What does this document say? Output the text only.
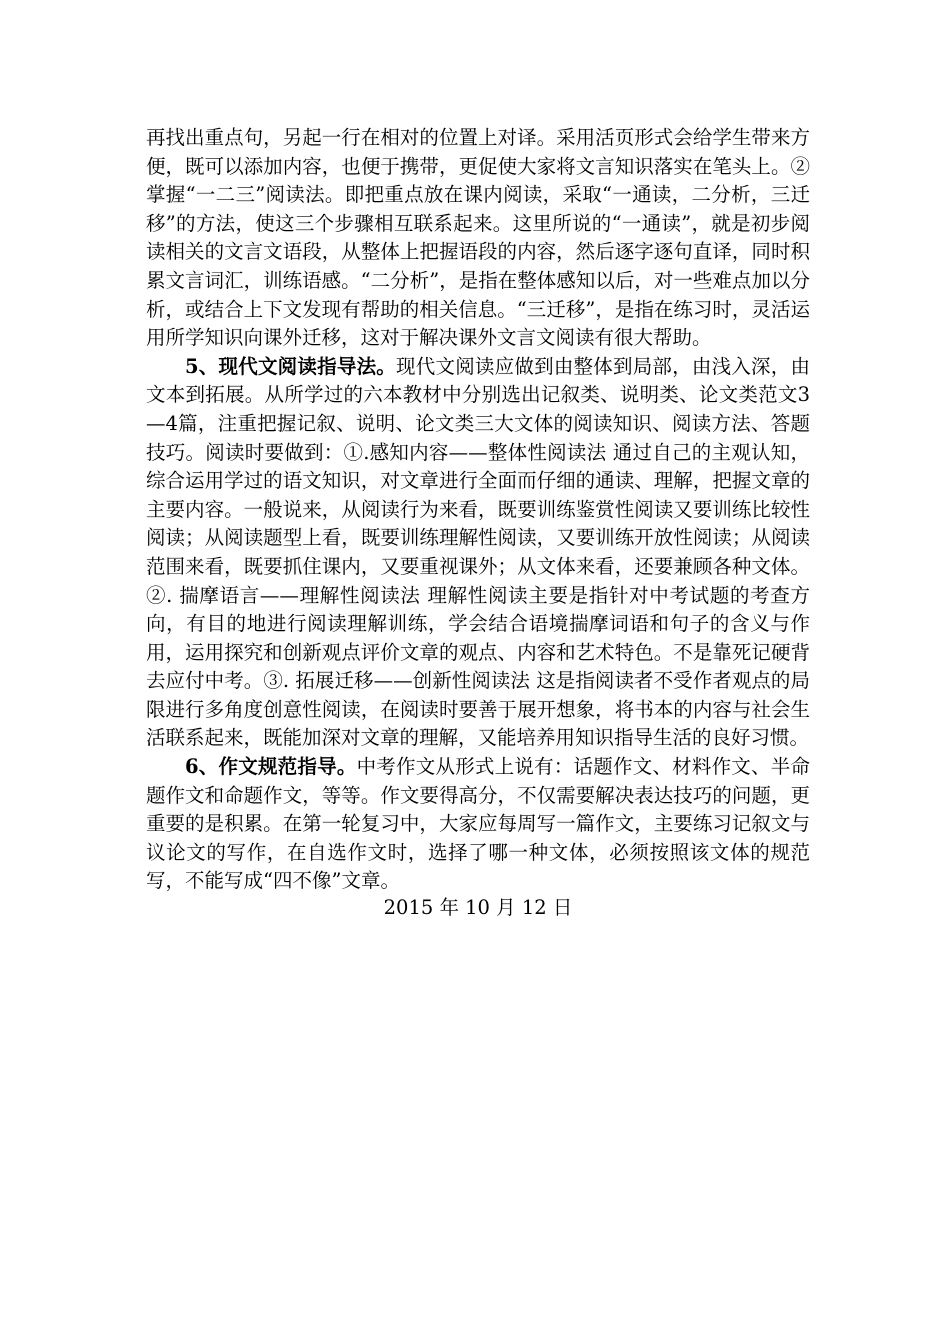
再找出重点句，另起一行在相对的位置上对译。采用活页形式会给学生带来方便，既可以添加内容，也便于携带，更促使大家将文言知识落实在笔头上。②掌握“一二三”阅读法。即把重点放在课内阅读，采取“一通读，二分析，三迁移”的方法，使这三个步骤相互联系起来。这里所说的“一通读”，就是初步阅读相关的文言文语段，从整体上把握语段的内容，然后逐字逐句直译，同时积累文言词汇，训练语感。“二分析”，是指在整体感知以后，对一些难点加以分析，或结合上下文发现有帮助的相关信息。“三迁移”，是指在练习时，灵活运用所学知识向课外迁移，这对于解决课外文言文阅读有很大帮助。

5、现代文阅读指导法。现代文阅读应做到由整体到局部，由浅入深，由文本到拓展。从所学过的六本教材中分别选出记叙类、说明类、论文类范文3—4篇，注重把握记叙、说明、论文类三大文体的阅读知识、阅读方法、答题技巧。阅读时要做到：①.感知内容——整体性阅读法 通过自己的主观认知，综合运用学过的语文知识，对文章进行全面而仔细的通读、理解，把握文章的主要内容。一般说来，从阅读行为来看，既要训练鉴赏性阅读又要训练比较性阅读；从阅读题型上看，既要训练理解性阅读，又要训练开放性阅读；从阅读范围来看，既要抓住课内，又要重视课外；从文体来看，还要兼顾各种文体。 ②. 揣摩语言——理解性阅读法 理解性阅读主要是指针对中考试题的考查方向，有目的地进行阅读理解训练，学会结合语境揣摩词语和句子的含义与作用，运用探究和创新观点评价文章的观点、内容和艺术特色。不是靠死记硬背去应付中考。③. 拓展迁移——创新性阅读法 这是指阅读者不受作者观点的局限进行多角度创意性阅读，在阅读时要善于展开想象，将书本的内容与社会生活联系起来，既能加深对文章的理解，又能培养用知识指导生活的良好习惯。

6、作文规范指导。中考作文从形式上说有：话题作文、材料作文、半命题作文和命题作文，等等。作文要得高分，不仅需要解决表达技巧的问题，更重要的是积累。在第一轮复习中，大家应每周写一篇作文，主要练习记叙文与议论文的写作，在自选作文时，选择了哪一种文体，必须按照该文体的规范写，不能写成“四不像”文章。

2015 年 10 月 12 日
